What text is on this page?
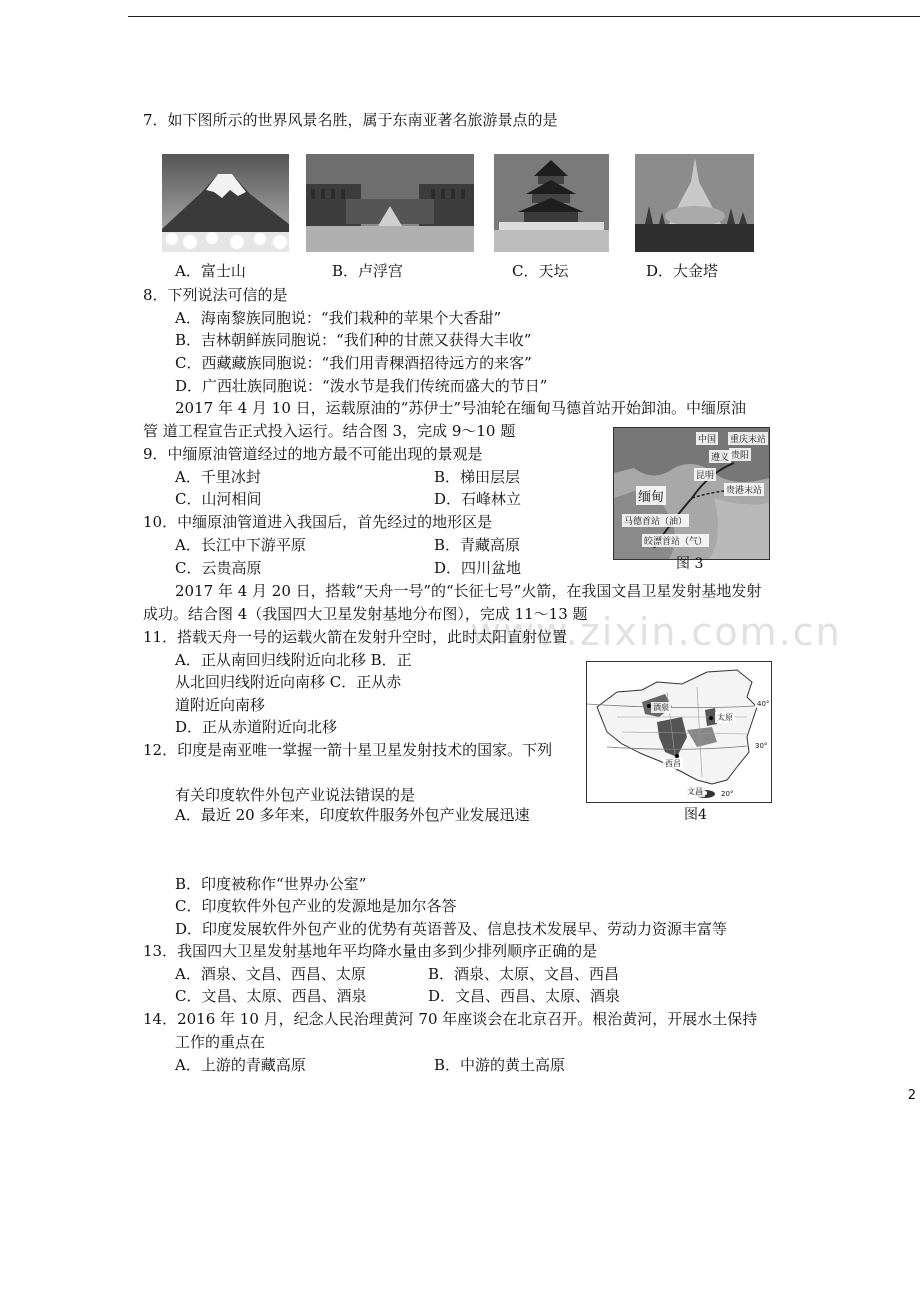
7．如下图所示的世界风景名胜，属于东南亚著名旅游景点的是
A．富士山	B．卢浮宫	C．天坛	D．大金塔
8．下列说法可信的是
A．海南黎族同胞说：“我们栽种的苹果个大香甜”
B．吉林朝鲜族同胞说：“我们种的甘蔗又获得大丰收”
C．西藏藏族同胞说：“我们用青稞酒招待远方的来客”
D．广西壮族同胞说：“泼水节是我们传统而盛大的节日”
2017 年 4 月 10 日，运载原油的“苏伊士”号油轮在缅甸马德首站开始卸油。中缅原油
管 道工程宣告正式投入运行。结合图 3，完成 9～10 题	中国 重庆末站
贵阳
遵义
昆明
缅甸	贵港末站
马德首站（油）
皎漂首站（气）
图 3
9．中缅原油管道经过的地方最不可能出现的景观是
A．千里冰封	B．梯田层层
C．山河相间	D．石峰林立
10．中缅原油管道进入我国后，首先经过的地形区是
A．长江中下游平原	B．青藏高原
C．云贵高原	D．四川盆地
2017 年 4 月 20 日，搭载“天舟一号”的“长征七号”火箭，在我国文昌卫星发射基地发射
成功。结合图 4（我国四大卫星发射基地分布图），完成 11～13 题
www.zixin.com.cn
11．搭载天舟一号的运载火箭在发射升空时，此时太阳直射位置
A．正从南回归线附近向北移 B．正
从北回归线附近向南移 C．正从赤
道附近向南移
D．正从赤道附近向北移
酒泉
太原
西昌
文昌
40°
30°
20°
图4
12．印度是南亚唯一掌握一箭十星卫星发射技术的国家。下列
有关印度软件外包产业说法错误的是
A．最近 20 多年来，印度软件服务外包产业发展迅速
B．印度被称作“世界办公室”
C．印度软件外包产业的发源地是加尔各答
D．印度发展软件外包产业的优势有英语普及、信息技术发展早、劳动力资源丰富等
13．我国四大卫星发射基地年平均降水量由多到少排列顺序正确的是
A．酒泉、文昌、西昌、太原	B．酒泉、太原、文昌、西昌
C．文昌、太原、西昌、酒泉	D．文昌、西昌、太原、酒泉
14．2016 年 10 月，纪念人民治理黄河 70 年座谈会在北京召开。根治黄河，开展水土保持
工作的重点在
A．上游的青藏高原	B．中游的黄土高原
2
